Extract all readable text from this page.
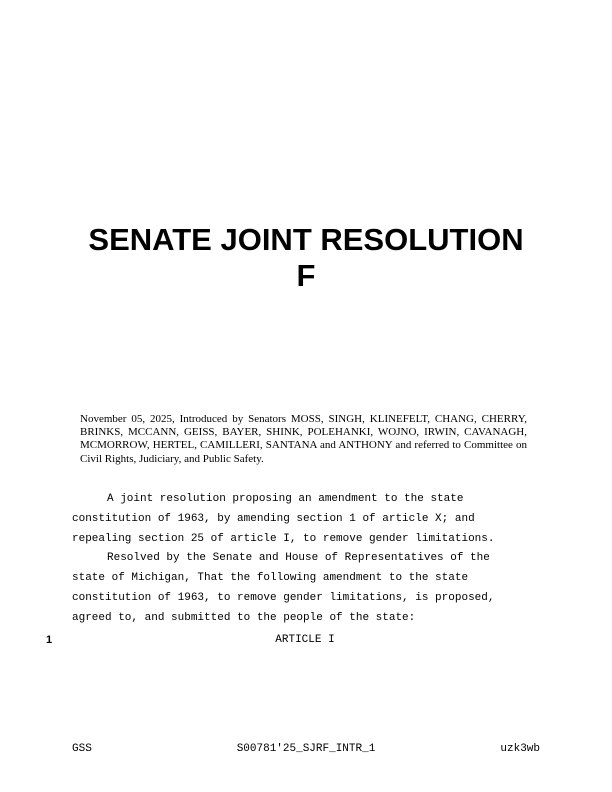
SENATE JOINT RESOLUTION
F
November 05, 2025, Introduced by Senators MOSS, SINGH, KLINEFELT, CHANG, CHERRY, BRINKS, MCCANN, GEISS, BAYER, SHINK, POLEHANKI, WOJNO, IRWIN, CAVANAGH, MCMORROW, HERTEL, CAMILLERI, SANTANA and ANTHONY and referred to Committee on Civil Rights, Judiciary, and Public Safety.

A joint resolution proposing an amendment to the state constitution of 1963, by amending section 1 of article X; and repealing section 25 of article I, to remove gender limitations.

Resolved by the Senate and House of Representatives of the state of Michigan, That the following amendment to the state constitution of 1963, to remove gender limitations, is proposed, agreed to, and submitted to the people of the state:

1	ARTICLE I
GSS	S00781'25_SJRF_INTR_1	uzk3wb
